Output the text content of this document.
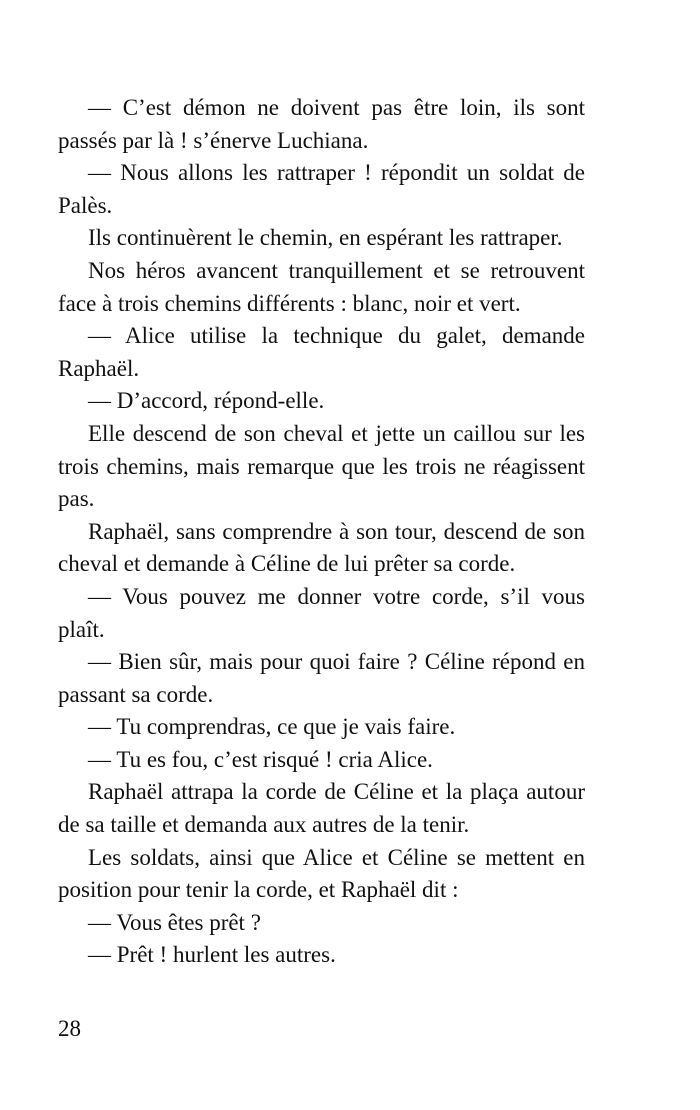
— C’est démon ne doivent pas être loin, ils sont passés par là ! s’énerve Luchiana.

— Nous allons les rattraper ! répondit un soldat de Palès.

Ils continuèrent le chemin, en espérant les rattraper.

Nos héros avancent tranquillement et se retrouvent face à trois chemins différents : blanc, noir et vert.

— Alice utilise la technique du galet, demande Raphaël.

— D’accord, répond-elle.

Elle descend de son cheval et jette un caillou sur les trois chemins, mais remarque que les trois ne réagissent pas.

Raphaël, sans comprendre à son tour, descend de son cheval et demande à Céline de lui prêter sa corde.

— Vous pouvez me donner votre corde, s’il vous plaît.

— Bien sûr, mais pour quoi faire ? Céline répond en passant sa corde.

— Tu comprendras, ce que je vais faire.

— Tu es fou, c’est risqué ! cria Alice.

Raphaël attrapa la corde de Céline et la plaça autour de sa taille et demanda aux autres de la tenir.

Les soldats, ainsi que Alice et Céline se mettent en position pour tenir la corde, et Raphaël dit :

— Vous êtes prêt ?

— Prêt ! hurlent les autres.

28
